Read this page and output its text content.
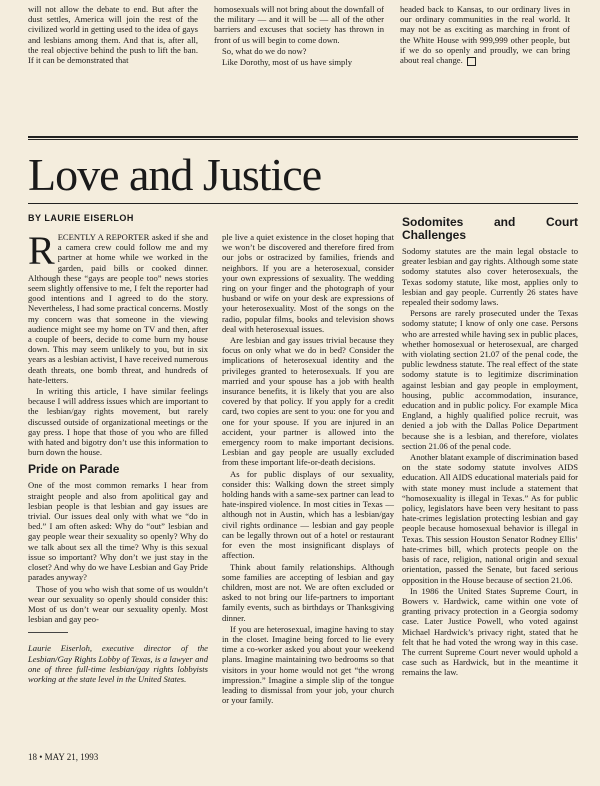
will not allow the debate to end. But after the dust settles, America will join the rest of the civilized world in getting used to the idea of gays and lesbians among them. And that is, after all, the real objective behind the push to lift the ban. If it can be demonstrated that

homosexuals will not bring about the downfall of the military — and it will be — all of the other barriers and excuses that society has thrown in front of us will begin to come down.

So, what do we do now?

Like Dorothy, most of us have simply

headed back to Kansas, to our ordinary lives in our ordinary communities in the real world. It may not be as exciting as marching in front of the White House with 999,999 other people, but if we do so openly and proudly, we can bring about real change.

Love and Justice
BY LAURIE EISERLOH

RECENTLY A REPORTER asked if she and a camera crew could follow me and my partner at home while we worked in the garden, paid bills or cooked dinner. Although these “gays are people too” news stories seem slightly offensive to me, I felt the reporter had good intentions and I agreed to do the story. Nevertheless, I had some practical concerns. Mostly my concern was that someone in the viewing audience might see my home on TV and then, after a couple of beers, decide to come burn my house down. This may seem unlikely to you, but in six years as a lesbian activist, I have received numerous death threats, one bomb threat, and hundreds of hate-letters.

In writing this article, I have similar feelings because I will address issues which are important to the lesbian/gay rights movement, but rarely discussed outside of organizational meetings or the gay press. I hope that those of you who are filled with hated and bigotry don’t use this information to burn down the house.

Pride on Parade

One of the most common remarks I hear from straight people and also from apolitical gay and lesbian people is that lesbian and gay issues are trivial. Our issues deal only with what we “do in bed.” I am often asked: Why do “out” lesbian and gay people wear their sexuality so openly? Why do we talk about sex all the time? Why is this sexual issue so important? Why don’t we just stay in the closet? And why do we have Lesbian and Gay Pride parades anyway?

Those of you who wish that some of us wouldn’t wear our sexuality so openly should consider this: Most of us don’t wear our sexuality openly. Most lesbian and gay peo-

Laurie Eiserloh, executive director of the Lesbian/Gay Rights Lobby of Texas, is a lawyer and one of three full-time lesbian/gay rights lobbyists working at the state level in the United States.

ple live a quiet existence in the closet hoping that we won’t be discovered and therefore fired from our jobs or ostracized by families, friends and neighbors. If you are a heterosexual, consider your own expressions of sexuality. The wedding ring on your finger and the photograph of your husband or wife on your desk are expressions of your heterosexuality. Most of the songs on the radio, popular films, books and television shows deal with heterosexual issues.

Are lesbian and gay issues trivial because they focus on only what we do in bed? Consider the implications of heterosexual identity and the privileges granted to heterosexuals. If you are married and your spouse has a job with health insurance benefits, it is likely that you are also covered by that policy. If you apply for a credit card, two copies are sent to you: one for you and one for your spouse. If you are injured in an accident, your partner is allowed into the emergency room to make important decisions. Lesbian and gay people are usually excluded from these important life-or-death decisions.

As for public displays of our sexuality, consider this: Walking down the street simply holding hands with a same-sex partner can lead to hate-inspired violence. In most cities in Texas — although not in Austin, which has a lesbian/gay civil rights ordinance — lesbian and gay people can be legally thrown out of a hotel or restaurant for even the most insignificant displays of affection.

Think about family relationships. Although some families are accepting of lesbian and gay children, most are not. We are often excluded or asked to not bring our life-partners to important family events, such as birthdays or Thanksgiving dinner.

If you are heterosexual, imagine having to stay in the closet. Imagine being forced to lie every time a co-worker asked you about your weekend plans. Imagine maintaining two bedrooms so that visitors in your home would not get “the wrong impression.” Imagine a simple slip of the tongue leading to dismissal from your job, your church or your family.

Sodomites and Court Challenges

Sodomy statutes are the main legal obstacle to greater lesbian and gay rights. Although some state sodomy statutes also cover heterosexuals, the Texas sodomy statute, like most, applies only to lesbian and gay people. Currently 26 states have repealed their sodomy laws.

Persons are rarely prosecuted under the Texas sodomy statute; I know of only one case. Persons who are arrested while having sex in public places, whether homosexual or heterosexual, are charged with violating section 21.07 of the penal code, the public lewdness statute. The real effect of the state sodomy statute is to legitimize discrimination against lesbian and gay people in employment, housing, public accommodation, insurance, education and in public policy. For example Mica England, a highly qualified police recruit, was denied a job with the Dallas Police Department because she is a lesbian, and therefore, violates section 21.06 of the penal code.

Another blatant example of discrimination based on the state sodomy statute involves AIDS education. All AIDS educational materials paid for with state money must include a statement that “homosexuality is illegal in Texas.” As for public policy, legislators have been very hesitant to pass hate-crimes legislation protecting lesbian and gay people because homosexual behavior is illegal in Texas. This session Houston Senator Rodney Ellis’ hate-crimes bill, which protects people on the basis of race, religion, national origin and sexual orientation, passed the Senate, but faced serious opposition in the House because of section 21.06.

In 1986 the United States Supreme Court, in Bowers v. Hardwick, came within one vote of granting privacy protection in a Georgia sodomy case. Later Justice Powell, who voted against Michael Hardwick’s privacy right, stated that he felt that he had voted the wrong way in this case. The current Supreme Court never would uphold a case such as Hardwick, but in the meantime it remains the law.

18 • MAY 21, 1993
